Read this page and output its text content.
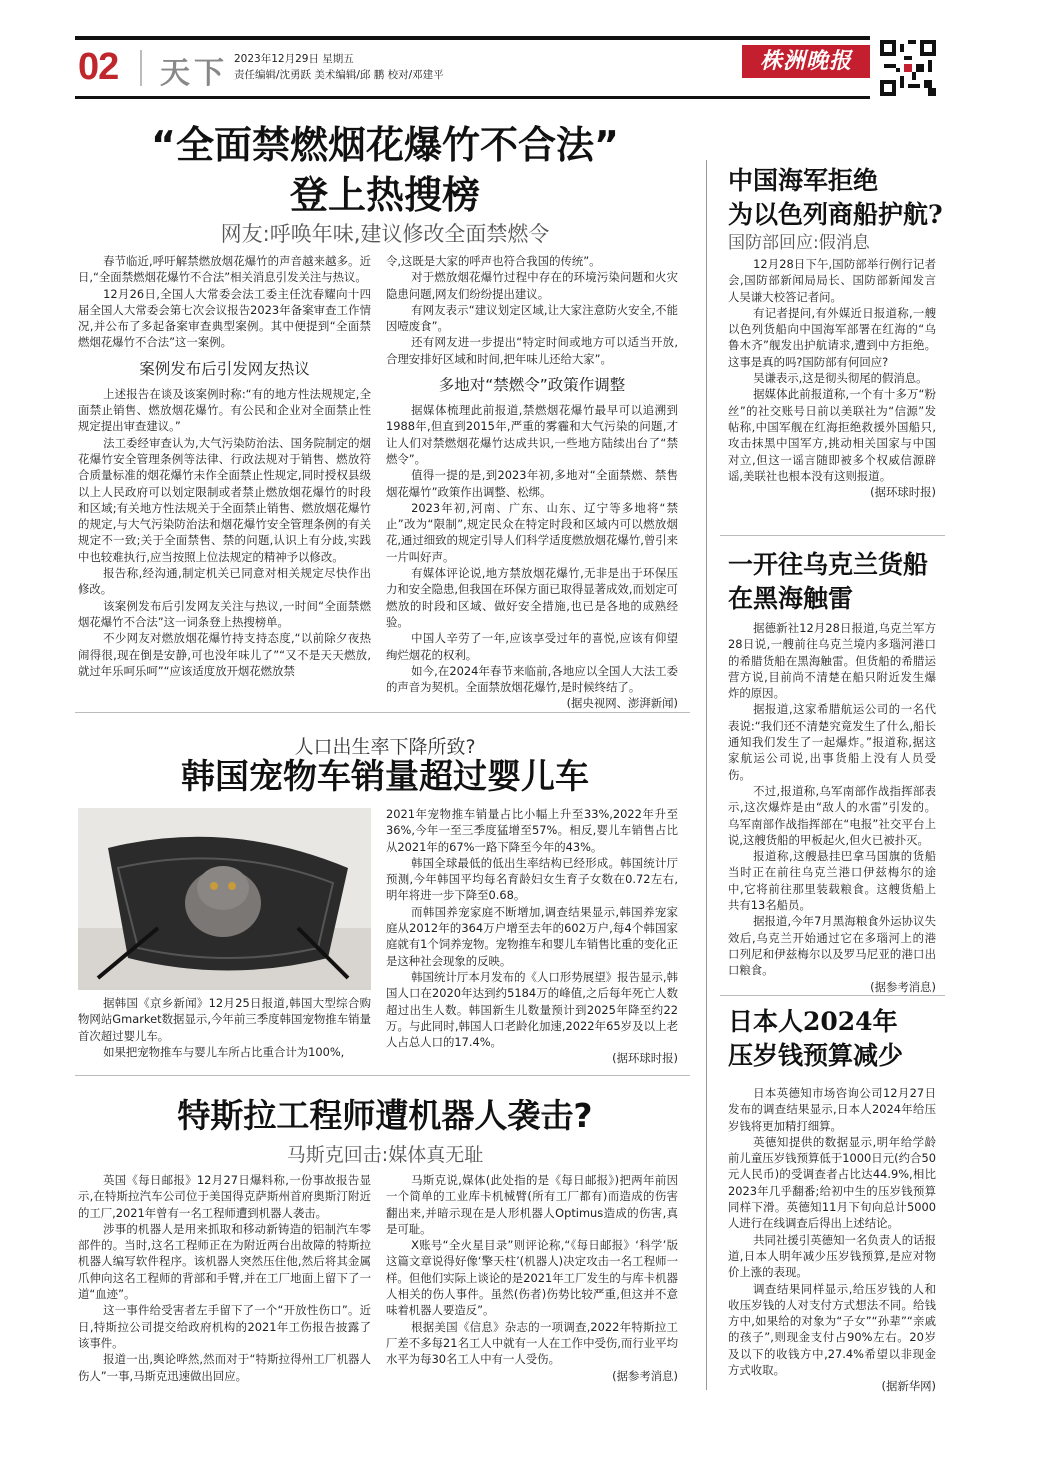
02 天下 2023年12月29日 星期五
责任编辑/沈勇跃 美术编辑/邱 鹏 校对/邓建平
株洲晚报
“全面禁燃烟花爆竹不合法”
登上热搜榜
网友:呼唤年味,建议修改全面禁燃令

春节临近,呼吁解禁燃放烟花爆竹的声音越来越多。近日,“全面禁燃烟花爆竹不合法”相关消息引发关注与热议。

12月26日,全国人大常委会法工委主任沈春耀向十四届全国人大常委会第七次会议报告2023年备案审查工作情况,并公布了多起备案审查典型案例。其中便提到“全面禁燃烟花爆竹不合法”这一案例。

案例发布后引发网友热议

上述报告在谈及该案例时称:“有的地方性法规规定,全面禁止销售、燃放烟花爆竹。有公民和企业对全面禁止性规定提出审查建议。”

法工委经审查认为,大气污染防治法、国务院制定的烟花爆竹安全管理条例等法律、行政法规对于销售、燃放符合质量标准的烟花爆竹未作全面禁止性规定,同时授权县级以上人民政府可以划定限制或者禁止燃放烟花爆竹的时段和区域;有关地方性法规关于全面禁止销售、燃放烟花爆竹的规定,与大气污染防治法和烟花爆竹安全管理条例的有关规定不一致;关于全面禁售、禁的问题,认识上有分歧,实践中也较难执行,应当按照上位法规定的精神予以修改。

报告称,经沟通,制定机关已同意对相关规定尽快作出修改。

该案例发布后引发网友关注与热议,一时间“全面禁燃烟花爆竹不合法”这一词条登上热搜榜单。

不少网友对燃放烟花爆竹持支持态度,“以前除夕夜热闹得很,现在倒是安静,可也没年味儿了”“又不是天天燃放,就过年乐呵乐呵”“应该适度放开烟花燃放禁

令,这既是大家的呼声也符合我国的传统”。

对于燃放烟花爆竹过程中存在的环境污染问题和火灾隐患问题,网友们纷纷提出建议。

有网友表示“建议划定区域,让大家注意防火安全,不能因噎废食”。

还有网友进一步提出“特定时间或地方可以适当开放,合理安排好区域和时间,把年味儿还给大家”。

多地对“禁燃令”政策作调整

据媒体梳理此前报道,禁燃烟花爆竹最早可以追溯到1988年,但直到2015年,严重的雾霾和大气污染的问题,才让人们对禁燃烟花爆竹达成共识,一些地方陆续出台了“禁燃令”。

值得一提的是,到2023年初,多地对“全面禁燃、禁售烟花爆竹”政策作出调整、松绑。

2023年初,河南、广东、山东、辽宁等多地将“禁止”改为“限制”,规定民众在特定时段和区域内可以燃放烟花,通过细致的规定引导人们科学适度燃放烟花爆竹,曾引来一片叫好声。

有媒体评论说,地方禁放烟花爆竹,无非是出于环保压力和安全隐患,但我国在环保方面已取得显著成效,而划定可燃放的时段和区域、做好安全措施,也已是各地的成熟经验。

中国人辛劳了一年,应该享受过年的喜悦,应该有仰望绚烂烟花的权利。

如今,在2024年春节来临前,各地应以全国人大法工委的声音为契机。全面禁放烟花爆竹,是时候终结了。

(据央视网、澎湃新闻)

人口出生率下降所致?
韩国宠物车销量超过婴儿车

据韩国《京乡新闻》12月25日报道,韩国大型综合购物网站Gmarket数据显示,今年前三季度韩国宠物推车销量首次超过婴儿车。

如果把宠物推车与婴儿车所占比重合计为100%,

2021年宠物推车销量占比小幅上升至33%,2022年升至36%,今年一至三季度猛增至57%。相反,婴儿车销售占比从2021年的67%一路下降至今年的43%。

韩国全球最低的低出生率结构已经形成。韩国统计厅预测,今年韩国平均每名育龄妇女生育子女数在0.72左右,明年将进一步下降至0.68。

而韩国养宠家庭不断增加,调查结果显示,韩国养宠家庭从2012年的364万户增至去年的602万户,每4个韩国家庭就有1个饲养宠物。宠物推车和婴儿车销售比重的变化正是这种社会现象的反映。

韩国统计厅本月发布的《人口形势展望》报告显示,韩国人口在2020年达到约5184万的峰值,之后每年死亡人数超过出生人数。韩国新生儿数量预计到2025年降至约22万。与此同时,韩国人口老龄化加速,2022年65岁及以上老人占总人口的17.4%。

(据环球时报)

特斯拉工程师遭机器人袭击?
马斯克回击:媒体真无耻

英国《每日邮报》12月27日爆料称,一份事故报告显示,在特斯拉汽车公司位于美国得克萨斯州首府奥斯汀附近的工厂,2021年曾有一名工程师遭到机器人袭击。

涉事的机器人是用来抓取和移动新铸造的铝制汽车零部件的。当时,这名工程师正在为附近两台出故障的特斯拉机器人编写软件程序。该机器人突然压住他,然后将其金属爪伸向这名工程师的背部和手臂,并在工厂地面上留下了一道“血迹”。

这一事件给受害者左手留下了一个“开放性伤口”。近日,特斯拉公司提交给政府机构的2021年工伤报告披露了该事件。

报道一出,舆论哗然,然而对于“特斯拉得州工厂机器人伤人”一事,马斯克迅速做出回应。

马斯克说,媒体(此处指的是《每日邮报》)把两年前因一个简单的工业库卡机械臂(所有工厂都有)而造成的伤害翻出来,并暗示现在是人形机器人Optimus造成的伤害,真是可耻。

X账号“全火星目录”则评论称,“《每日邮报》‘科学’版这篇文章说得好像‘擎天柱’(机器人)决定攻击一名工程师一样。但他们实际上谈论的是2021年工厂发生的与库卡机器人相关的伤人事件。虽然(伤者)伤势比较严重,但这并不意味着机器人要造反”。

根据美国《信息》杂志的一项调查,2022年特斯拉工厂差不多每21名工人中就有一人在工作中受伤,而行业平均水平为每30名工人中有一人受伤。

(据参考消息)

中国海军拒绝
为以色列商船护航?
国防部回应:假消息

12月28日下午,国防部举行例行记者会,国防部新闻局局长、国防部新闻发言人吴谦大校答记者问。

有记者提问,有外媒近日报道称,一艘以色列货船向中国海军部署在红海的“乌鲁木齐”舰发出护航请求,遭到中方拒绝。这事是真的吗?国防部有何回应?

吴谦表示,这是彻头彻尾的假消息。

据媒体此前报道称,一个有十多万“粉丝”的社交账号日前以美联社为“信源”发帖称,中国军舰在红海拒绝救援外国船只,攻击抹黑中国军方,挑动相关国家与中国对立,但这一谣言随即被多个权威信源辟谣,美联社也根本没有这则报道。

(据环球时报)

一开往乌克兰货船
在黑海触雷

据德新社12月28日报道,乌克兰军方28日说,一艘前往乌克兰境内多瑙河港口的希腊货船在黑海触雷。但货船的希腊运营方说,目前尚不清楚在船只附近发生爆炸的原因。

据报道,这家希腊航运公司的一名代表说:“我们还不清楚究竟发生了什么,船长通知我们发生了一起爆炸。”报道称,据这家航运公司说,出事货船上没有人员受伤。

不过,报道称,乌军南部作战指挥部表示,这次爆炸是由“敌人的水雷”引发的。乌军南部作战指挥部在“电报”社交平台上说,这艘货船的甲板起火,但火已被扑灭。

报道称,这艘悬挂巴拿马国旗的货船当时正在前往乌克兰港口伊兹梅尔的途中,它将前往那里装载粮食。这艘货船上共有13名船员。

据报道,今年7月黑海粮食外运协议失效后,乌克兰开始通过它在多瑙河上的港口列尼和伊兹梅尔以及罗马尼亚的港口出口粮食。

(据参考消息)

日本人2024年
压岁钱预算减少

日本英德知市场咨询公司12月27日发布的调查结果显示,日本人2024年给压岁钱将更加精打细算。

英德知提供的数据显示,明年给学龄前儿童压岁钱预算低于1000日元(约合50元人民币)的受调查者占比达44.9%,相比2023年几乎翻番;给初中生的压岁钱预算同样下滑。英德知11月下旬向总计5000人进行在线调查后得出上述结论。

共同社援引英德知一名负责人的话报道,日本人明年减少压岁钱预算,是应对物价上涨的表现。

调查结果同样显示,给压岁钱的人和收压岁钱的人对支付方式想法不同。给钱方中,如果给的对象为“子女”“孙辈”“亲戚的孩子”,则现金支付占90%左右。20岁及以下的收钱方中,27.4%希望以非现金方式收取。

(据新华网)
